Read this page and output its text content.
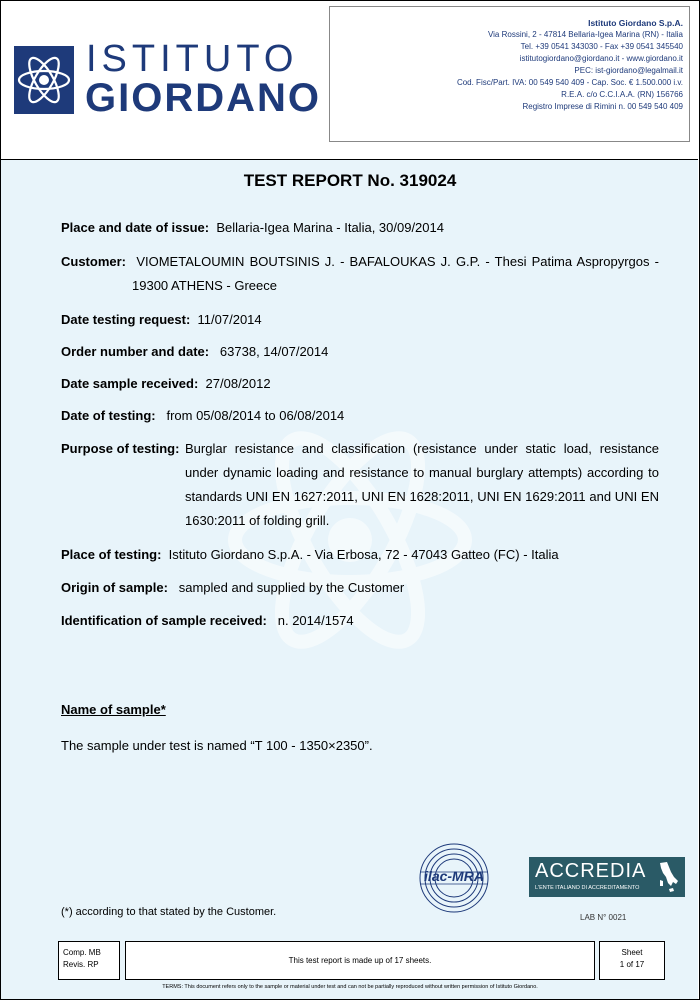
ISTITUTO
GIORDANO
Istituto Giordano S.p.A.
Via Rossini, 2 - 47814 Bellaria-Igea Marina (RN) - Italia
Tel. +39 0541 343030 - Fax +39 0541 345540
istitutogiordano@giordano.it - www.giordano.it
PEC: ist-giordano@legalmail.it
Cod. Fisc/Part. IVA: 00 549 540 409 - Cap. Soc. € 1.500.000 i.v.
R.E.A. c/o C.C.I.A.A. (RN) 156766
Registro Imprese di Rimini n. 00 549 540 409
TEST REPORT No. 319024
Place and date of issue: Bellaria-Igea Marina - Italia, 30/09/2014
Customer: VIOMETALOUMIN BOUTSINIS J. - BAFALOUKAS J. G.P. - Thesi Patima Aspropyrgos -
19300 ATHENS - Greece
Date testing request: 11/07/2014
Order number and date: 63738, 14/07/2014
Date sample received: 27/08/2012
Date of testing: from 05/08/2014 to 06/08/2014
Purpose of testing: Burglar resistance and classification (resistance under static load, resistance under dynamic loading and resistance to manual burglary attempts) according to standards UNI EN 1627:2011, UNI EN 1628:2011, UNI EN 1629:2011 and UNI EN 1630:2011 of folding grill.
Place of testing: Istituto Giordano S.p.A. - Via Erbosa, 72 - 47043 Gatteo (FC) - Italia
Origin of sample: sampled and supplied by the Customer
Identification of sample received: n. 2014/1574
Name of sample*
The sample under test is named “T 100 - 1350×2350”.
ilac-MRA	ACCREDIA
L'ENTE ITALIANO DI ACCREDITAMENTO
LAB N° 0021
(*) according to that stated by the Customer.
Comp. MB
Revis. RP	This test report is made up of 17 sheets.
Sheet
1 of 17
TERMS: This document refers only to the sample or material under test and can not be partially reproduced without written permission of Istituto Giordano.
